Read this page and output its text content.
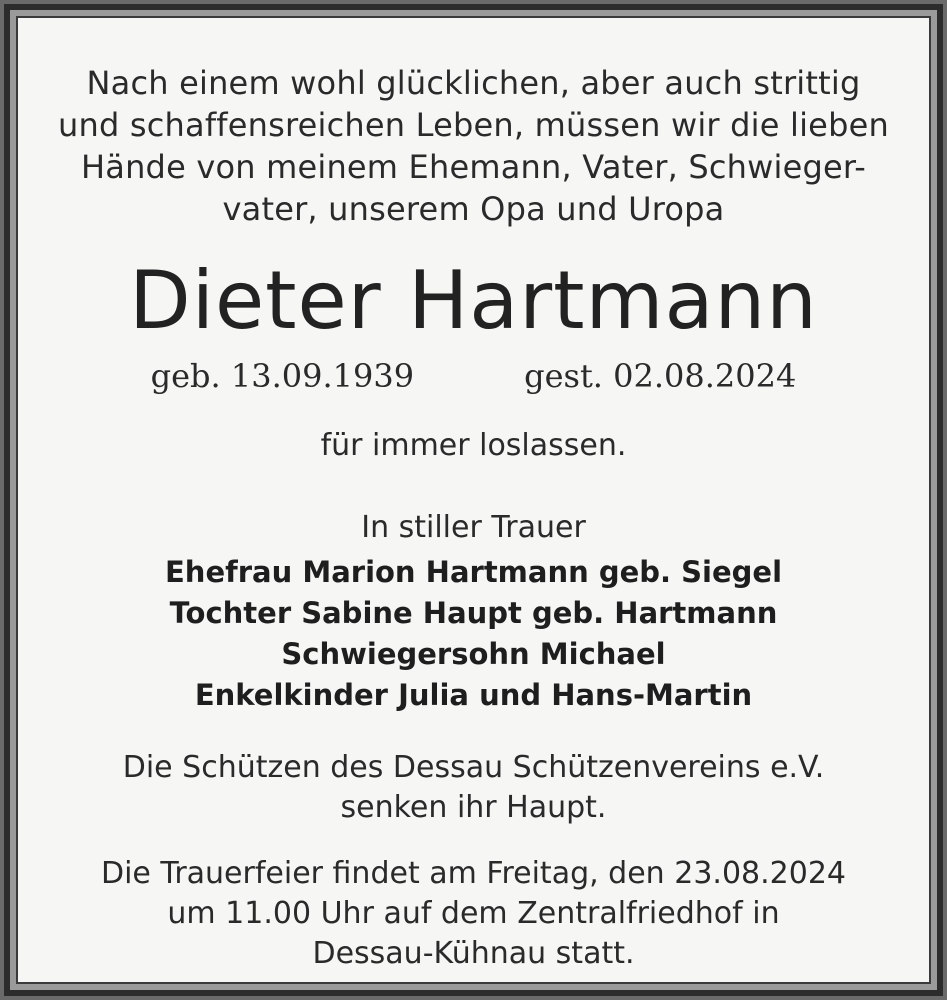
Nach einem wohl glücklichen, aber auch strittig

und schaffensreichen Leben, müssen wir die lieben

Hände von meinem Ehemann, Vater, Schwieger-

vater, unserem Opa und Uropa

Dieter Hartmann

geb. 13.09.1939	gest. 02.08.2024

für immer loslassen.

In stiller Trauer

Ehefrau Marion Hartmann geb. Siegel

Tochter Sabine Haupt geb. Hartmann

Schwiegersohn Michael

Enkelkinder Julia und Hans-Martin

Die Schützen des Dessau Schützenvereins e.V.

senken ihr Haupt.

Die Trauerfeier findet am Freitag, den 23.08.2024

um 11.00 Uhr auf dem Zentralfriedhof in

Dessau-Kühnau statt.
